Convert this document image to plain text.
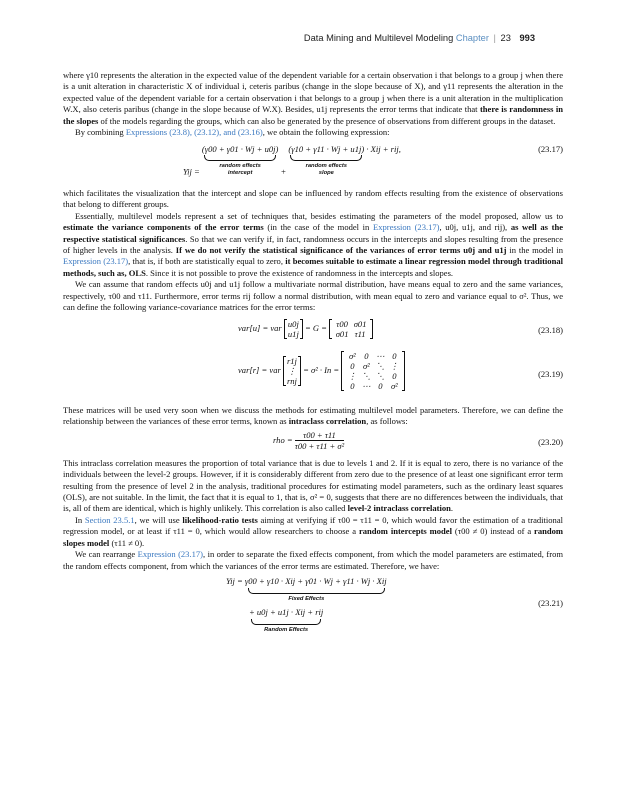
Data Mining and Multilevel Modeling Chapter | 23 993

where γ10 represents the alteration in the expected value of the dependent variable for a certain observation i that belongs to a group j when there is a unit alteration in characteristic X of individual i, ceteris paribus (change in the slope because of X), and γ11 represents the alteration in the expected value of the dependent variable for a certain observation i that belongs to a group j when there is a unit alteration in the multiplication W.X, also ceteris paribus (change in the slope because of W.X). Besides, u1j represents the error terms that indicate that there is randomness in the slopes of the models regarding the groups, which can also be generated by the presence of observations from different groups in the dataset.

By combining Expressions (23.8), (23.12), and (23.16), we obtain the following expression:

Yij = (γ00 + γ01 · Wj + u0j)
random effects
intercept	+ (γ10 + γ11 · Wj + u1j)
random effects
slope
· Xij + rij,	(23.17)

which facilitates the visualization that the intercept and slope can be influenced by random effects resulting from the existence of observations that belong to different groups.

Essentially, multilevel models represent a set of techniques that, besides estimating the parameters of the model proposed, allow us to estimate the variance components of the error terms (in the case of the model in Expression (23.17), u0j, u1j, and rij), as well as the respective statistical significances. So that we can verify if, in fact, randomness occurs in the intercepts and slopes resulting from the presence of higher levels in the analysis. If we do not verify the statistical significance of the variances of error terms u0j and u1j in the model in Expression (23.17), that is, if both are statistically equal to zero, it becomes suitable to estimate a linear regression model through traditional methods, such as, OLS. Since it is not possible to prove the existence of randomness in the intercepts and slopes.

We can assume that random effects u0j and u1j follow a multivariate normal distribution, have means equal to zero and the same variances, respectively, τ00 and τ11. Furthermore, error terms rij follow a normal distribution, with mean equal to zero and variance equal to σ². Thus, we can define the following variance-covariance matrices for the error terms:

var[u] = var u0j
u1j
= G = τ00 σ01
σ01 τ11	(23.18)
var[r] = var
r1j
⋮
rnj
= σ² · In =
σ² 0 ⋯ 0
0 σ² ⋱ ⋮
⋮ ⋱ ⋱ 0
0 ⋯ 0 σ²
(23.19)

These matrices will be used very soon when we discuss the methods for estimating multilevel model parameters. Therefore, we can define the relationship between the variances of these error terms, known as intraclass correlation, as follows:

rho = $\frac{\tau 00 + \tau 11}{\text{τ00 + τ11 + σ²}}$	(23.20)

This intraclass correlation measures the proportion of total variance that is due to levels 1 and 2. If it is equal to zero, there is no variance of the individuals between the level-2 groups. However, if it is considerably different from zero due to the presence of at least one significant error term resulting from the presence of level 2 in the analysis, traditional procedures for estimating model parameters, such as the ordinary least squares (OLS), are not suitable. In the limit, the fact that it is equal to 1, that is, σ² = 0, suggests that there are no differences between the individuals, that is, all of them are identical, which is highly unlikely. This correlation is also called level-2 intraclass correlation.

In Section 23.5.1, we will use likelihood-ratio tests aiming at verifying if τ00 = τ11 = 0, which would favor the estimation of a traditional regression model, or at least if τ11 = 0, which would allow researchers to choose a random intercepts model (τ00 ≠ 0) instead of a random slopes model (τ11 ≠ 0).

We can rearrange Expression (23.17), in order to separate the fixed effects component, from which the model parameters are estimated, from the random effects component, from which the variances of the error terms are estimated. Therefore, we have:

Yij = γ00 + γ10 · Xij + γ01 · Wj + γ11 · Wj · Xij
Fixed Effects
+ u0j + u1j · Xij + rij
Random Effects
(23.21)
